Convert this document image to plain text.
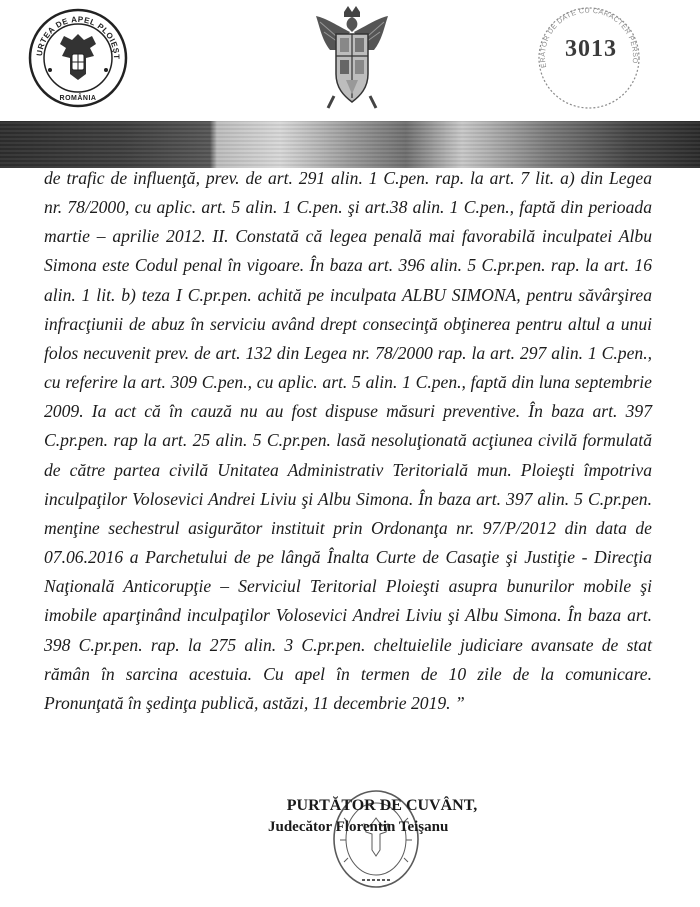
URTEA DE APEL PLOIEŞT
ROMÂNIA
ERATOR DE DATE CU CARACTER PERSO
3013
de trafic de influenţă, prev. de art. 291 alin. 1 C.pen. rap. la art. 7 lit. a) din Legea
nr. 78/2000, cu aplic. art. 5 alin. 1 C.pen. şi art.38 alin. 1 C.pen., faptă din perioada
martie – aprilie 2012. II. Constată că legea penală mai favorabilă inculpatei Albu
Simona este Codul penal în vigoare. În baza art. 396 alin. 5 C.pr.pen. rap. la art. 16
alin. 1 lit. b) teza I C.pr.pen. achită pe inculpata ALBU SIMONA, pentru săvârşirea
infracţiunii de abuz în serviciu având drept consecinţă obţinerea pentru altul a unui
folos necuvenit prev. de art. 132 din Legea nr. 78/2000 rap. la art. 297 alin. 1 C.pen.,
cu referire la art. 309 C.pen., cu aplic. art. 5 alin. 1 C.pen., faptă din luna septembrie
2009. Ia act că în cauză nu au fost dispuse măsuri preventive. În baza art. 397
C.pr.pen. rap la art. 25 alin. 5 C.pr.pen. lasă nesoluţionată acţiunea civilă formulată
de către partea civilă Unitatea Administrativ Teritorială mun. Ploieşti împotriva
inculpaţilor Volosevici Andrei Liviu şi Albu Simona. În baza art. 397 alin. 5 C.pr.pen.
menţine sechestrul asigurător instituit prin Ordonanţa nr. 97/P/2012 din data de
07.06.2016 a Parchetului de pe lângă Înalta Curte de Casaţie şi Justiţie - Direcţia
Naţională Anticorupţie – Serviciul Teritorial Ploieşti asupra bunurilor mobile şi
imobile aparţinând inculpaţilor Volosevici Andrei Liviu şi Albu Simona. În baza art.
398 C.pr.pen. rap. la 275 alin. 3 C.pr.pen. cheltuielile judiciare avansate de stat
rămân în sarcina acestuia. Cu apel în termen de 10 zile de la comunicare.
Pronunţată în şedinţa publică, astăzi, 11 decembrie 2019. ”
PURTĂTOR DE CUVÂNT,
Judecător Florentin Teişanu
